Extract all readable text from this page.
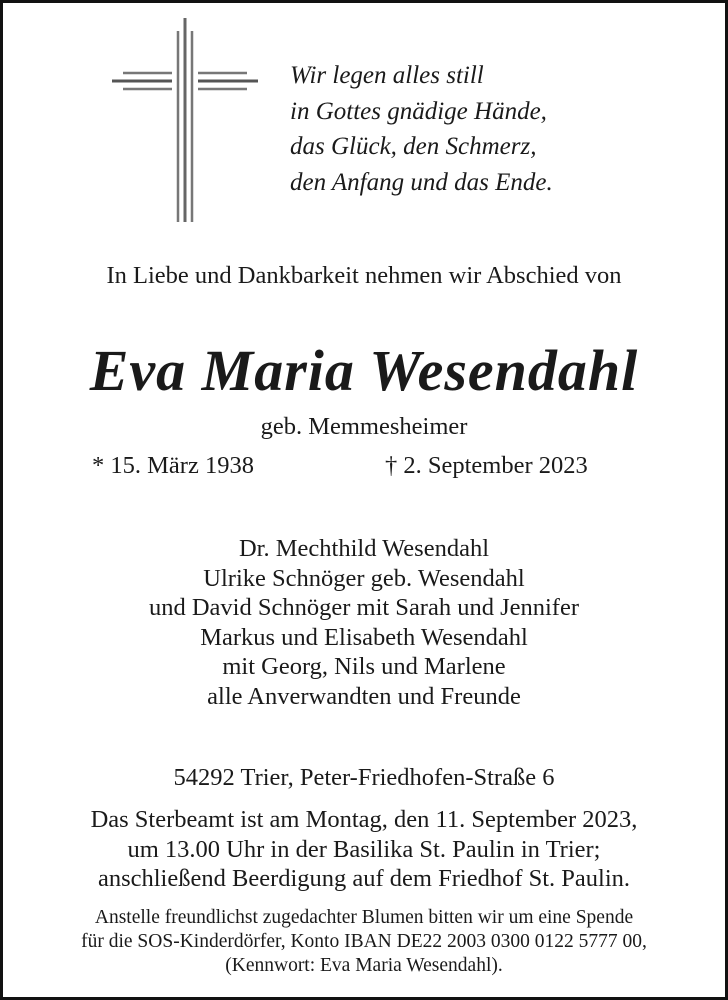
Wir legen alles still
in Gottes gnädige Hände,
das Glück, den Schmerz,
den Anfang und das Ende.
In Liebe und Dankbarkeit nehmen wir Abschied von
Eva Maria Wesendahl
geb. Memmesheimer
* 15. März 1938	† 2. September 2023
Dr. Mechthild Wesendahl
Ulrike Schnöger geb. Wesendahl
und David Schnöger mit Sarah und Jennifer
Markus und Elisabeth Wesendahl
mit Georg, Nils und Marlene
alle Anverwandten und Freunde
54292 Trier, Peter-Friedhofen-Straße 6
Das Sterbeamt ist am Montag, den 11. September 2023,
um 13.00 Uhr in der Basilika St. Paulin in Trier;
anschließend Beerdigung auf dem Friedhof St. Paulin.
Anstelle freundlichst zugedachter Blumen bitten wir um eine Spende
für die SOS-Kinderdörfer, Konto IBAN DE22 2003 0300 0122 5777 00,
(Kennwort: Eva Maria Wesendahl).
